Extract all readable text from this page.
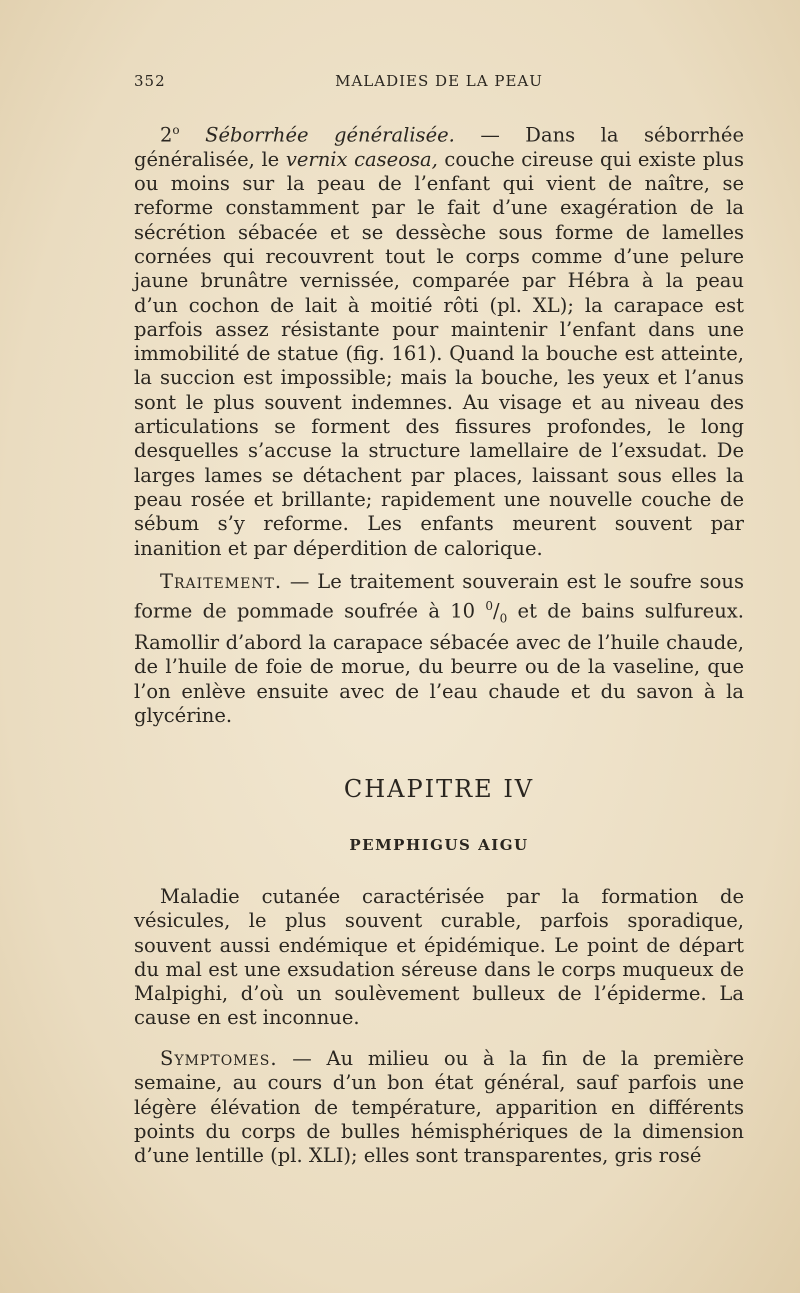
352	MALADIES DE LA PEAU

2$^o$ Séborrhée généralisée. — Dans la séborrhée généralisée, le vernix caseosa, couche cireuse qui existe plus ou moins sur la peau de l’enfant qui vient de naître, se reforme constamment par le fait d’une exagération de la sécrétion sébacée et se dessèche sous forme de lamelles cornées qui recouvrent tout le corps comme d’une pelure jaune brunâtre vernissée, comparée par Hébra à la peau d’un cochon de lait à moitié rôti (pl. XL); la carapace est parfois assez résistante pour maintenir l’enfant dans une immobilité de statue (fig. 161). Quand la bouche est atteinte, la succion est impossible; mais la bouche, les yeux et l’anus sont le plus souvent indemnes. Au visage et au niveau des articulations se forment des fissures profondes, le long desquelles s’accuse la structure lamellaire de l’exsudat. De larges lames se détachent par places, laissant sous elles la peau rosée et brillante; rapidement une nouvelle couche de sébum s’y reforme. Les enfants meurent souvent par inanition et par déperdition de calorique.

Traitement. — Le traitement souverain est le soufre sous forme de pommade soufrée à 10 $^0/_0$ et de bains sulfureux. Ramollir d’abord la carapace sébacée avec de l’huile chaude, de l’huile de foie de morue, du beurre ou de la vaseline, que l’on enlève ensuite avec de l’eau chaude et du savon à la glycérine.

CHAPITRE IV
PEMPHIGUS AIGU

Maladie cutanée caractérisée par la formation de vésicules, le plus souvent curable, parfois sporadique, souvent aussi endémique et épidémique. Le point de départ du mal est une exsudation séreuse dans le corps muqueux de Malpighi, d’où un soulèvement bulleux de l’épiderme. La cause en est inconnue.

Symptomes. — Au milieu ou à la fin de la première semaine, au cours d’un bon état général, sauf parfois une légère élévation de température, apparition en différents points du corps de bulles hémisphériques de la dimension d’une lentille (pl. XLI); elles sont transparentes, gris rosé
